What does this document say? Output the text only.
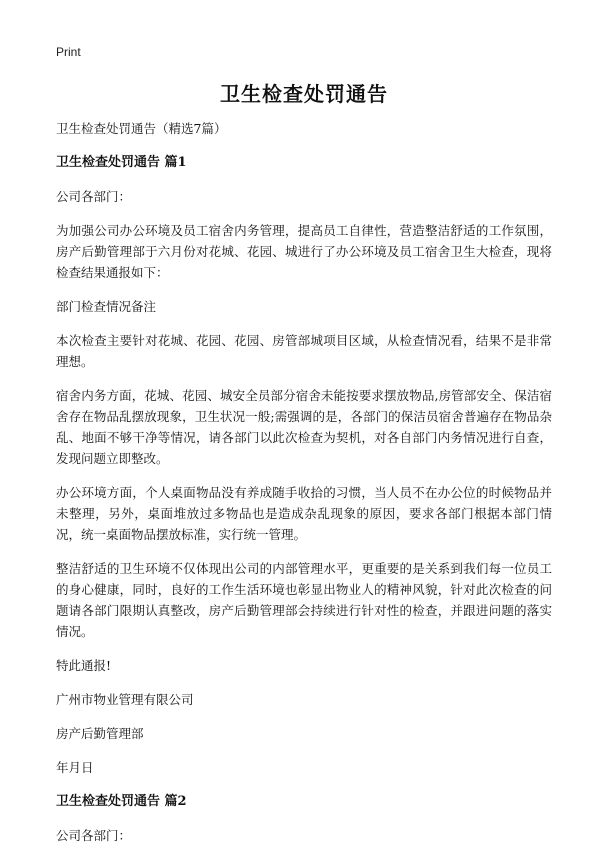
Print
卫生检查处罚通告

卫生检查处罚通告（精选7篇）

卫生检查处罚通告 篇1

公司各部门：

为加强公司办公环境及员工宿舍内务管理，提高员工自律性，营造整洁舒适的工作氛围，房产后勤管理部于六月份对花城、花园、城进行了办公环境及员工宿舍卫生大检查，现将检查结果通报如下：

部门检查情况备注

本次检查主要针对花城、花园、花园、房管部城项目区域，从检查情况看，结果不是非常理想。

宿舍内务方面，花城、花园、城安全员部分宿舍未能按要求摆放物品,房管部安全、保洁宿舍存在物品乱摆放现象，卫生状况一般;需强调的是，各部门的保洁员宿舍普遍存在物品杂乱、地面不够干净等情况，请各部门以此次检查为契机，对各自部门内务情况进行自查，发现问题立即整改。

办公环境方面，个人桌面物品没有养成随手收拾的习惯，当人员不在办公位的时候物品并未整理，另外，桌面堆放过多物品也是造成杂乱现象的原因，要求各部门根据本部门情况，统一桌面物品摆放标准，实行统一管理。

整洁舒适的卫生环境不仅体现出公司的内部管理水平，更重要的是关系到我们每一位员工的身心健康，同时，良好的工作生活环境也彰显出物业人的精神风貌，针对此次检查的问题请各部门限期认真整改，房产后勤管理部会持续进行针对性的检查，并跟进问题的落实情况。

特此通报!

广州市物业管理有限公司

房产后勤管理部

年月日

卫生检查处罚通告 篇2

公司各部门：
